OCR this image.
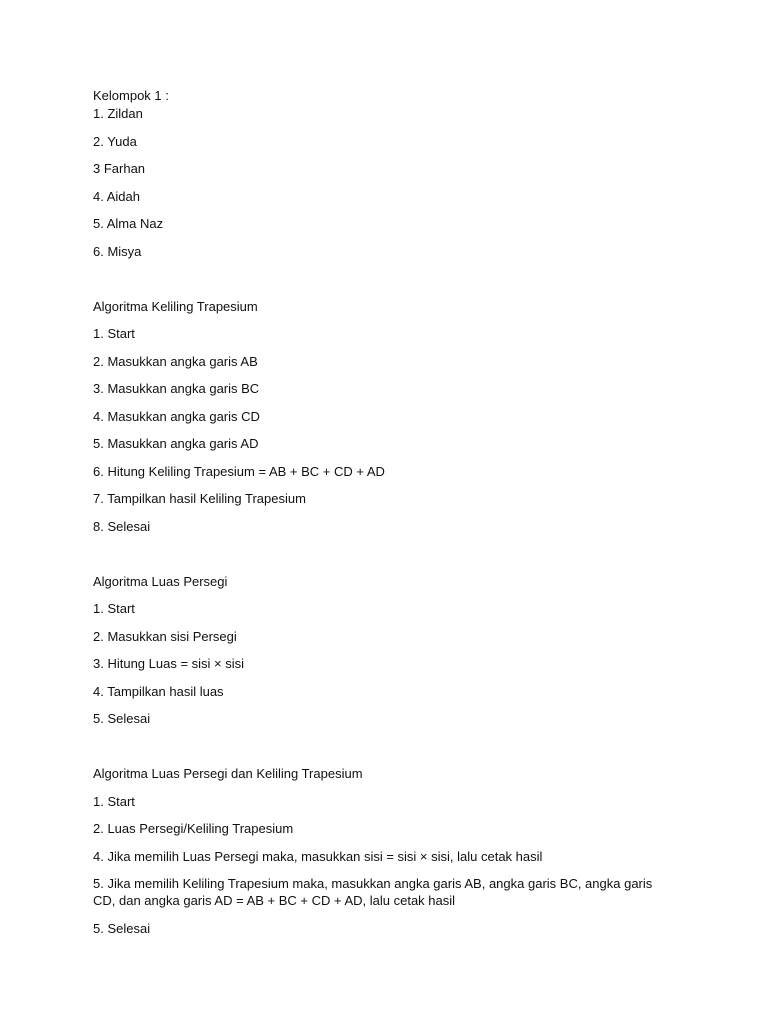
Kelompok 1 :

1. Zildan

2. Yuda

3 Farhan

4. Aidah

5. Alma Naz

6. Misya

Algoritma Keliling Trapesium

1. Start

2. Masukkan angka garis AB

3. Masukkan angka garis BC

4. Masukkan angka garis CD

5. Masukkan angka garis AD

6. Hitung Keliling Trapesium = AB + BC + CD + AD

7. Tampilkan hasil Keliling Trapesium

8. Selesai

Algoritma Luas Persegi

1. Start

2. Masukkan sisi Persegi

3. Hitung Luas = sisi × sisi

4. Tampilkan hasil luas

5. Selesai

Algoritma Luas Persegi dan Keliling Trapesium

1. Start

2. Luas Persegi/Keliling Trapesium

4. Jika memilih Luas Persegi maka, masukkan sisi = sisi × sisi, lalu cetak hasil

5. Jika memilih Keliling Trapesium maka, masukkan angka garis AB, angka garis BC, angka garis CD, dan angka garis AD = AB + BC + CD + AD, lalu cetak hasil

5. Selesai
